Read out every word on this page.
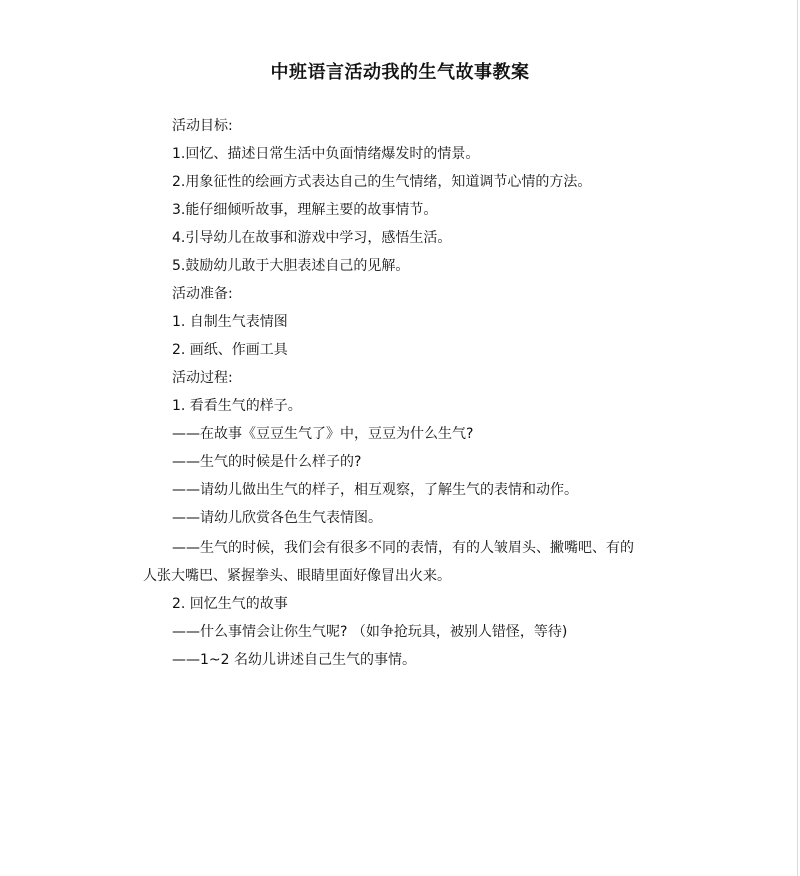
中班语言活动我的生气故事教案
活动目标:
1.回忆、描述日常生活中负面情绪爆发时的情景。
2.用象征性的绘画方式表达自己的生气情绪，知道调节心情的方法。
3.能仔细倾听故事，理解主要的故事情节。
4.引导幼儿在故事和游戏中学习，感悟生活。
5.鼓励幼儿敢于大胆表述自己的见解。
活动准备:
1. 自制生气表情图
2. 画纸、作画工具
活动过程:
1. 看看生气的样子。
——在故事《豆豆生气了》中，豆豆为什么生气?
——生气的时候是什么样子的?
——请幼儿做出生气的样子，相互观察，了解生气的表情和动作。
——请幼儿欣赏各色生气表情图。
——生气的时候，我们会有很多不同的表情，有的人皱眉头、撇嘴吧、有的
人张大嘴巴、紧握拳头、眼睛里面好像冒出火来。
2. 回忆生气的故事
——什么事情会让你生气呢? （如争抢玩具，被别人错怪，等待)
——1~2 名幼儿讲述自己生气的事情。
